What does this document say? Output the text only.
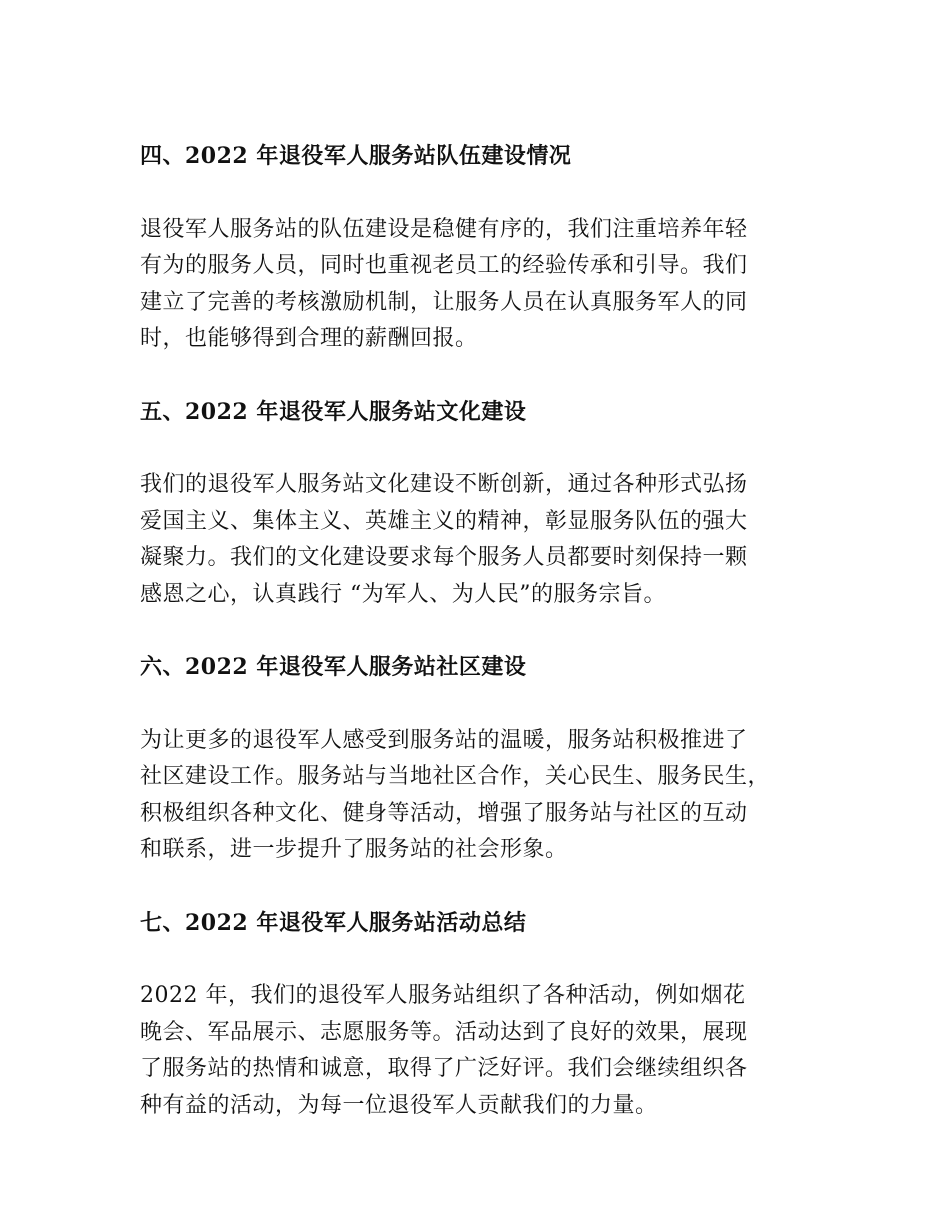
四、2022 年退役军人服务站队伍建设情况

退役军人服务站的队伍建设是稳健有序的，我们注重培养年轻
有为的服务人员，同时也重视老员工的经验传承和引导。我们
建立了完善的考核激励机制，让服务人员在认真服务军人的同
时，也能够得到合理的薪酬回报。

五、2022 年退役军人服务站文化建设

我们的退役军人服务站文化建设不断创新，通过各种形式弘扬
爱国主义、集体主义、英雄主义的精神，彰显服务队伍的强大
凝聚力。我们的文化建设要求每个服务人员都要时刻保持一颗
感恩之心，认真践行 “为军人、为人民”的服务宗旨。

六、2022 年退役军人服务站社区建设

为让更多的退役军人感受到服务站的温暖，服务站积极推进了
社区建设工作。服务站与当地社区合作，关心民生、服务民生，
积极组织各种文化、健身等活动，增强了服务站与社区的互动
和联系，进一步提升了服务站的社会形象。

七、2022 年退役军人服务站活动总结

2022 年，我们的退役军人服务站组织了各种活动，例如烟花
晚会、军品展示、志愿服务等。活动达到了良好的效果，展现
了服务站的热情和诚意，取得了广泛好评。我们会继续组织各
种有益的活动，为每一位退役军人贡献我们的力量。
